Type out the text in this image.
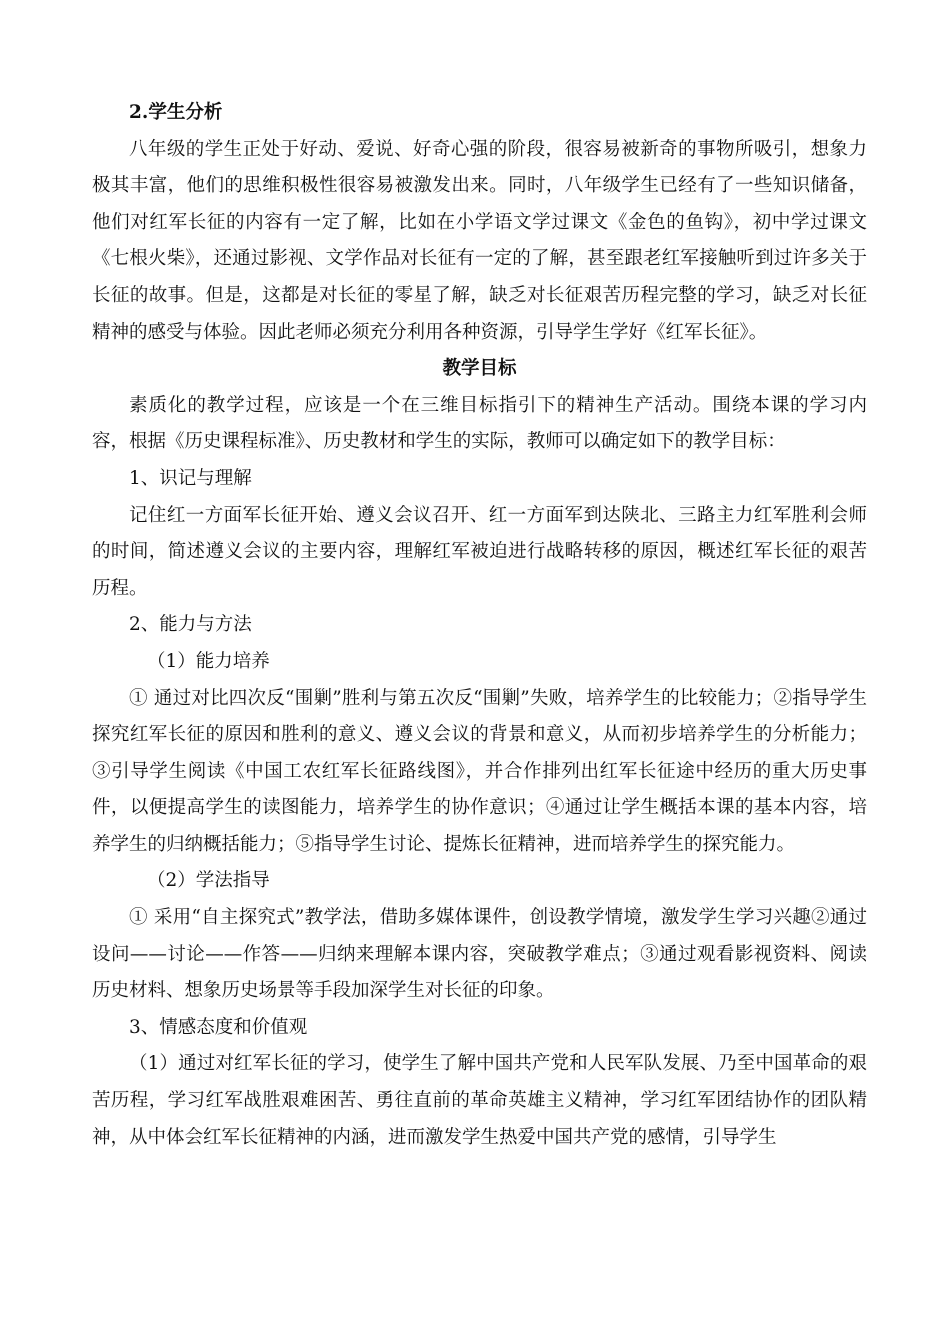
2.学生分析

八年级的学生正处于好动、爱说、好奇心强的阶段，很容易被新奇的事物所吸引，想象力极其丰富，他们的思维积极性很容易被激发出来。同时，八年级学生已经有了一些知识储备，他们对红军长征的内容有一定了解，比如在小学语文学过课文《金色的鱼钩》，初中学过课文《七根火柴》，还通过影视、文学作品对长征有一定的了解，甚至跟老红军接触听到过许多关于长征的故事。但是，这都是对长征的零星了解，缺乏对长征艰苦历程完整的学习，缺乏对长征精神的感受与体验。因此老师必须充分利用各种资源，引导学生学好《红军长征》。

教学目标

素质化的教学过程，应该是一个在三维目标指引下的精神生产活动。围绕本课的学习内容，根据《历史课程标准》、历史教材和学生的实际，教师可以确定如下的教学目标：

1、识记与理解

记住红一方面军长征开始、遵义会议召开、红一方面军到达陕北、三路主力红军胜利会师的时间，简述遵义会议的主要内容，理解红军被迫进行战略转移的原因，概述红军长征的艰苦历程。

2、能力与方法

（1）能力培养

① 通过对比四次反“围剿”胜利与第五次反“围剿”失败，培养学生的比较能力；②指导学生探究红军长征的原因和胜利的意义、遵义会议的背景和意义，从而初步培养学生的分析能力；③引导学生阅读《中国工农红军长征路线图》，并合作排列出红军长征途中经历的重大历史事件，以便提高学生的读图能力，培养学生的协作意识；④通过让学生概括本课的基本内容，培养学生的归纳概括能力；⑤指导学生讨论、提炼长征精神，进而培养学生的探究能力。

（2）学法指导

① 采用“自主探究式”教学法，借助多媒体课件，创设教学情境，激发学生学习兴趣②通过设问——讨论——作答——归纳来理解本课内容，突破教学难点；③通过观看影视资料、阅读历史材料、想象历史场景等手段加深学生对长征的印象。

3、情感态度和价值观

（1）通过对红军长征的学习，使学生了解中国共产党和人民军队发展、乃至中国革命的艰苦历程，学习红军战胜艰难困苦、勇往直前的革命英雄主义精神，学习红军团结协作的团队精神，从中体会红军长征精神的内涵，进而激发学生热爱中国共产党的感情，引导学生
